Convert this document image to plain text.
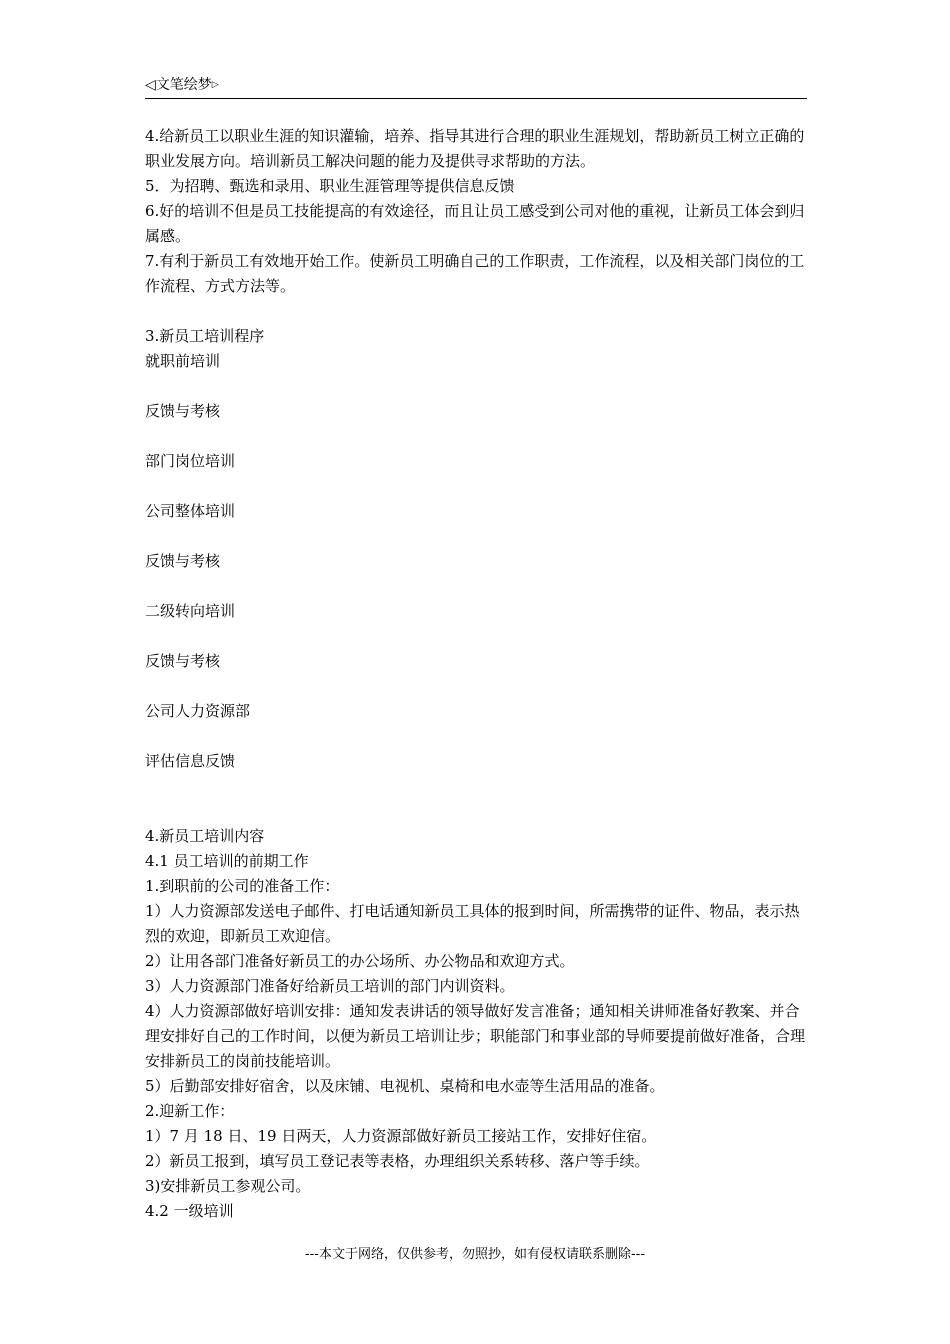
◁文笔绘梦▷

4.给新员工以职业生涯的知识灌输，培养、指导其进行合理的职业生涯规划，帮助新员工树立正确的职业发展方向。培训新员工解决问题的能力及提供寻求帮助的方法。

5．为招聘、甄选和录用、职业生涯管理等提供信息反馈

6.好的培训不但是员工技能提高的有效途径，而且让员工感受到公司对他的重视，让新员工体会到归属感。

7.有利于新员工有效地开始工作。使新员工明确自己的工作职责，工作流程，以及相关部门岗位的工作流程、方式方法等。

3.新员工培训程序

就职前培训

反馈与考核

部门岗位培训

公司整体培训

反馈与考核

二级转向培训

反馈与考核

公司人力资源部

评估信息反馈

4.新员工培训内容

4.1 员工培训的前期工作

1.到职前的公司的准备工作：

1）人力资源部发送电子邮件、打电话通知新员工具体的报到时间，所需携带的证件、物品，表示热烈的欢迎，即新员工欢迎信。

2）让用各部门准备好新员工的办公场所、办公物品和欢迎方式。

3）人力资源部门准备好给新员工培训的部门内训资料。

4）人力资源部做好培训安排：通知发表讲话的领导做好发言准备；通知相关讲师准备好教案、并合理安排好自己的工作时间，以便为新员工培训让步；职能部门和事业部的导师要提前做好准备，合理安排新员工的岗前技能培训。

5）后勤部安排好宿舍，以及床铺、电视机、桌椅和电水壶等生活用品的准备。

2.迎新工作：

1）7 月 18 日、19 日两天，人力资源部做好新员工接站工作，安排好住宿。

2）新员工报到，填写员工登记表等表格，办理组织关系转移、落户等手续。

3)安排新员工参观公司。

4.2 一级培训

---本文于网络，仅供参考，勿照抄，如有侵权请联系删除---
